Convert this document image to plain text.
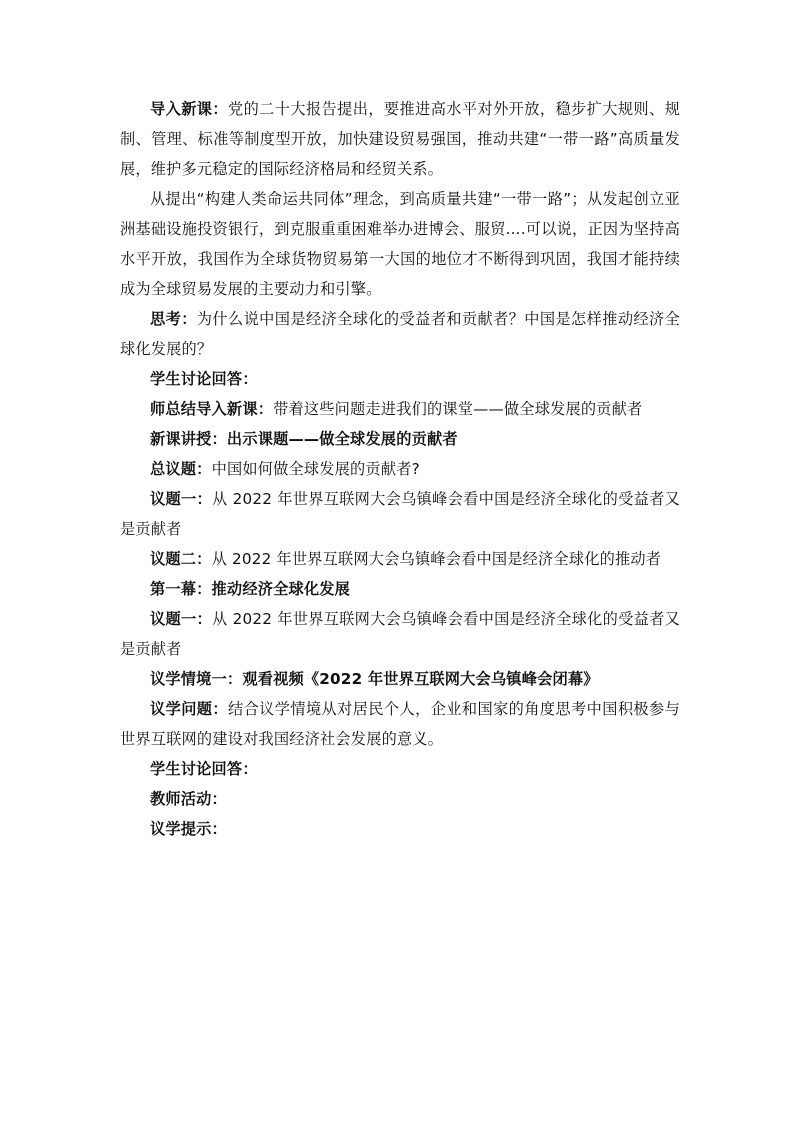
导入新课：党的二十大报告提出，要推进高水平对外开放，稳步扩大规则、规制、管理、标准等制度型开放，加快建设贸易强国，推动共建“一带一路”高质量发展，维护多元稳定的国际经济格局和经贸关系。

从提出“构建人类命运共同体”理念，到高质量共建“一带一路”；从发起创立亚洲基础设施投资银行，到克服重重困难举办进博会、服贸....可以说，正因为坚持高水平开放，我国作为全球货物贸易第一大国的地位才不断得到巩固，我国才能持续成为全球贸易发展的主要动力和引擎。

思考：为什么说中国是经济全球化的受益者和贡献者？中国是怎样推动经济全球化发展的？

学生讨论回答：

师总结导入新课：带着这些问题走进我们的课堂——做全球发展的贡献者

新课讲授：出示课题——做全球发展的贡献者

总议题：中国如何做全球发展的贡献者?

议题一：从 2022 年世界互联网大会乌镇峰会看中国是经济全球化的受益者又是贡献者

议题二：从 2022 年世界互联网大会乌镇峰会看中国是经济全球化的推动者

第一幕：推动经济全球化发展

议题一：从 2022 年世界互联网大会乌镇峰会看中国是经济全球化的受益者又是贡献者

议学情境一：观看视频《2022 年世界互联网大会乌镇峰会闭幕》

议学问题：结合议学情境从对居民个人，企业和国家的角度思考中国积极参与世界互联网的建设对我国经济社会发展的意义。

学生讨论回答：

教师活动：

议学提示：
